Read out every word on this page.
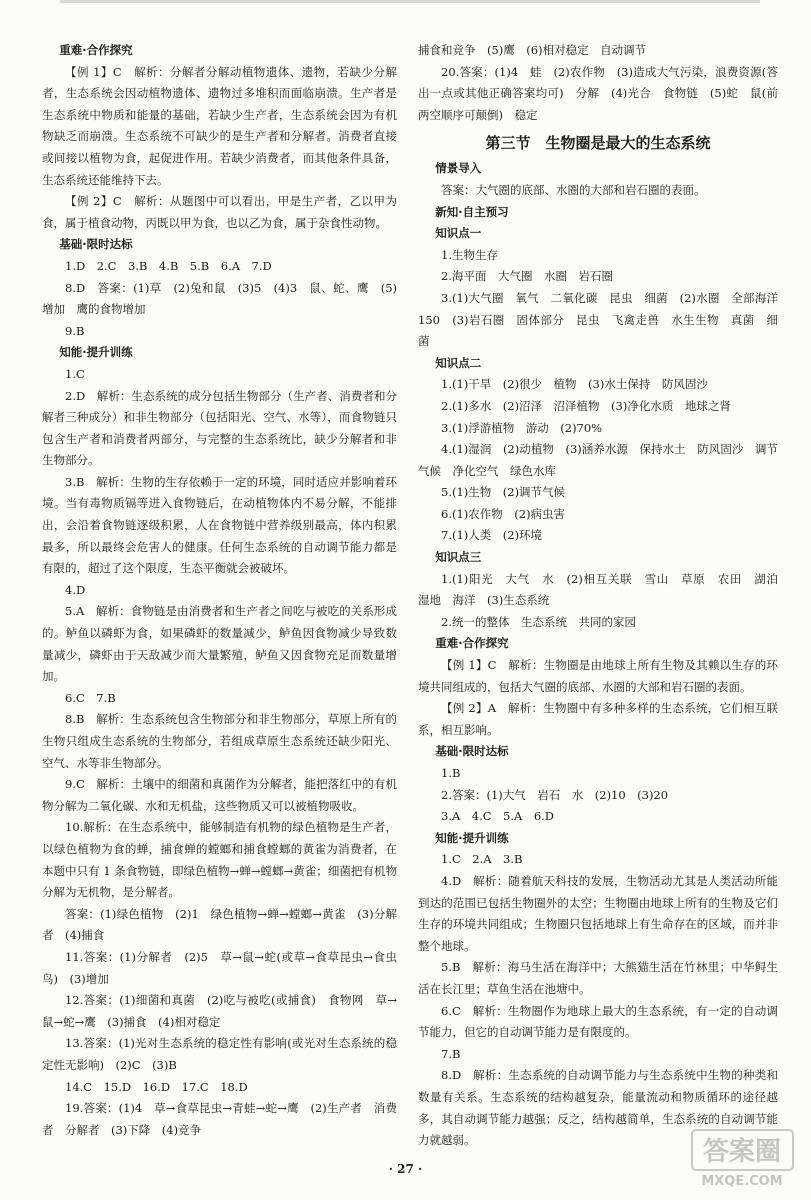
重难·合作探究

【例 1】C　解析：分解者分解动植物遗体、遗物，若缺少分解者，生态系统会因动植物遗体、遗物过多堆积而面临崩溃。生产者是生态系统中物质和能量的基础，若缺少生产者，生态系统会因为有机物缺乏而崩溃。生态系统不可缺少的是生产者和分解者。消费者直接或间接以植物为食，起促进作用。若缺少消费者，而其他条件具备，生态系统还能维持下去。

【例 2】C　解析：从题图中可以看出，甲是生产者，乙以甲为食，属于植食动物，丙既以甲为食，也以乙为食，属于杂食性动物。

基础·限时达标

1.D　2.C　3.B　4.B　5.B　6.A　7.D

8.D　答案：(1)草　(2)兔和鼠　(3)5　(4)3　鼠、蛇、鹰　(5)增加　鹰的食物增加

9.B

知能·提升训练

1.C

2.D　解析：生态系统的成分包括生物部分（生产者、消费者和分解者三种成分）和非生物部分（包括阳光、空气、水等），而食物链只包含生产者和消费者两部分，与完整的生态系统比，缺少分解者和非生物部分。

3.B　解析：生物的生存依赖于一定的环境，同时适应并影响着环境。当有毒物质镉等进入食物链后，在动植物体内不易分解，不能排出，会沿着食物链逐级积累，人在食物链中营养级别最高，体内积累最多，所以最终会危害人的健康。任何生态系统的自动调节能力都是有限的，超过了这个限度，生态平衡就会被破坏。

4.D

5.A　解析：食物链是由消费者和生产者之间吃与被吃的关系形成的。鲈鱼以磷虾为食，如果磷虾的数量减少，鲈鱼因食物减少导致数量减少，磷虾由于天敌减少而大量繁殖，鲈鱼又因食物充足而数量增加。

6.C　7.B

8.B　解析：生态系统包含生物部分和非生物部分，草原上所有的生物只组成生态系统的生物部分，若组成草原生态系统还缺少阳光、空气、水等非生物部分。

9.C　解析：土壤中的细菌和真菌作为分解者，能把落红中的有机物分解为二氧化碳、水和无机盐，这些物质又可以被植物吸收。

10.解析：在生态系统中，能够制造有机物的绿色植物是生产者，以绿色植物为食的蝉，捕食蝉的螳螂和捕食螳螂的黄雀为消费者，在本题中只有 1 条食物链，即绿色植物→蝉→螳螂→黄雀；细菌把有机物分解为无机物，是分解者。

答案：(1)绿色植物　(2)1　绿色植物→蝉→螳螂→黄雀　(3)分解者　(4)捕食

11.答案：(1)分解者　(2)5　草→鼠→蛇(或草→食草昆虫→食虫鸟)　(3)增加

12.答案：(1)细菌和真菌　(2)吃与被吃(或捕食)　食物网　草→鼠→蛇→鹰　(3)捕食　(4)相对稳定

13.答案：(1)光对生态系统的稳定性有影响(或光对生态系统的稳定性无影响)　(2)C　(3)B

14.C　15.D　16.D　17.C　18.D

19.答案：(1)4　草→食草昆虫→青蛙→蛇→鹰　(2)生产者　消费者　分解者　(3)下降　(4)竞争

捕食和竞争　(5)鹰　(6)相对稳定　自动调节

20.答案：(1)4　蛙　(2)农作物　(3)造成大气污染，浪费资源(答出一点或其他正确答案均可)　分解　(4)光合　食物链　(5)蛇　鼠(前两空顺序可颠倒)　稳定

第三节　生物圈是最大的生态系统
情景导入

答案：大气圈的底部、水圈的大部和岩石圈的表面。

新知·自主预习
知识点一

1.生物生存

2.海平面　大气圈　水圈　岩石圈

3.(1)大气圈　氧气　二氧化碳　昆虫　细菌　(2)水圈　全部海洋　150　(3)岩石圈　固体部分　昆虫　飞禽走兽　水生生物　真菌　细菌

知识点二

1.(1)干旱　(2)很少　植物　(3)水土保持　防风固沙

2.(1)多水　(2)沼泽　沼泽植物　(3)净化水质　地球之肾

3.(1)浮游植物　游动　(2)70%

4.(1)湿润　(2)动植物　(3)涵养水源　保持水土　防风固沙　调节气候　净化空气　绿色水库

5.(1)生物　(2)调节气候

6.(1)农作物　(2)病虫害

7.(1)人类　(2)环境

知识点三

1.(1)阳光　大气　水　(2)相互关联　雪山　草原　农田　湖泊　湿地　海洋　(3)生态系统

2.统一的整体　生态系统　共同的家园

重难·合作探究

【例 1】C　解析：生物圈是由地球上所有生物及其赖以生存的环境共同组成的，包括大气圈的底部、水圈的大部和岩石圈的表面。

【例 2】A　解析：生物圈中有多种多样的生态系统，它们相互联系，相互影响。

基础·限时达标

1.B

2.答案：(1)大气　岩石　水　(2)10　(3)20

3.A　4.C　5.A　6.D

知能·提升训练

1.C　2.A　3.B

4.D　解析：随着航天科技的发展，生物活动尤其是人类活动所能到达的范围已包括生物圈外的太空；生物圈由地球上所有的生物及它们生存的环境共同组成；生物圈只包括地球上有生命存在的区域，而并非整个地球。

5.B　解析：海马生活在海洋中；大熊猫生活在竹林里；中华鲟生活在长江里；草鱼生活在池塘中。

6.C　解析：生物圈作为地球上最大的生态系统，有一定的自动调节能力，但它的自动调节能力是有限度的。

7.B

8.D　解析：生态系统的自动调节能力与生态系统中生物的种类和数量有关系。生态系统的结构越复杂，能量流动和物质循环的途径越多，其自动调节能力越强；反之，结构越简单，生态系统的自动调节能力就越弱。

· 27 ·
答案圈
MXQE.COM
